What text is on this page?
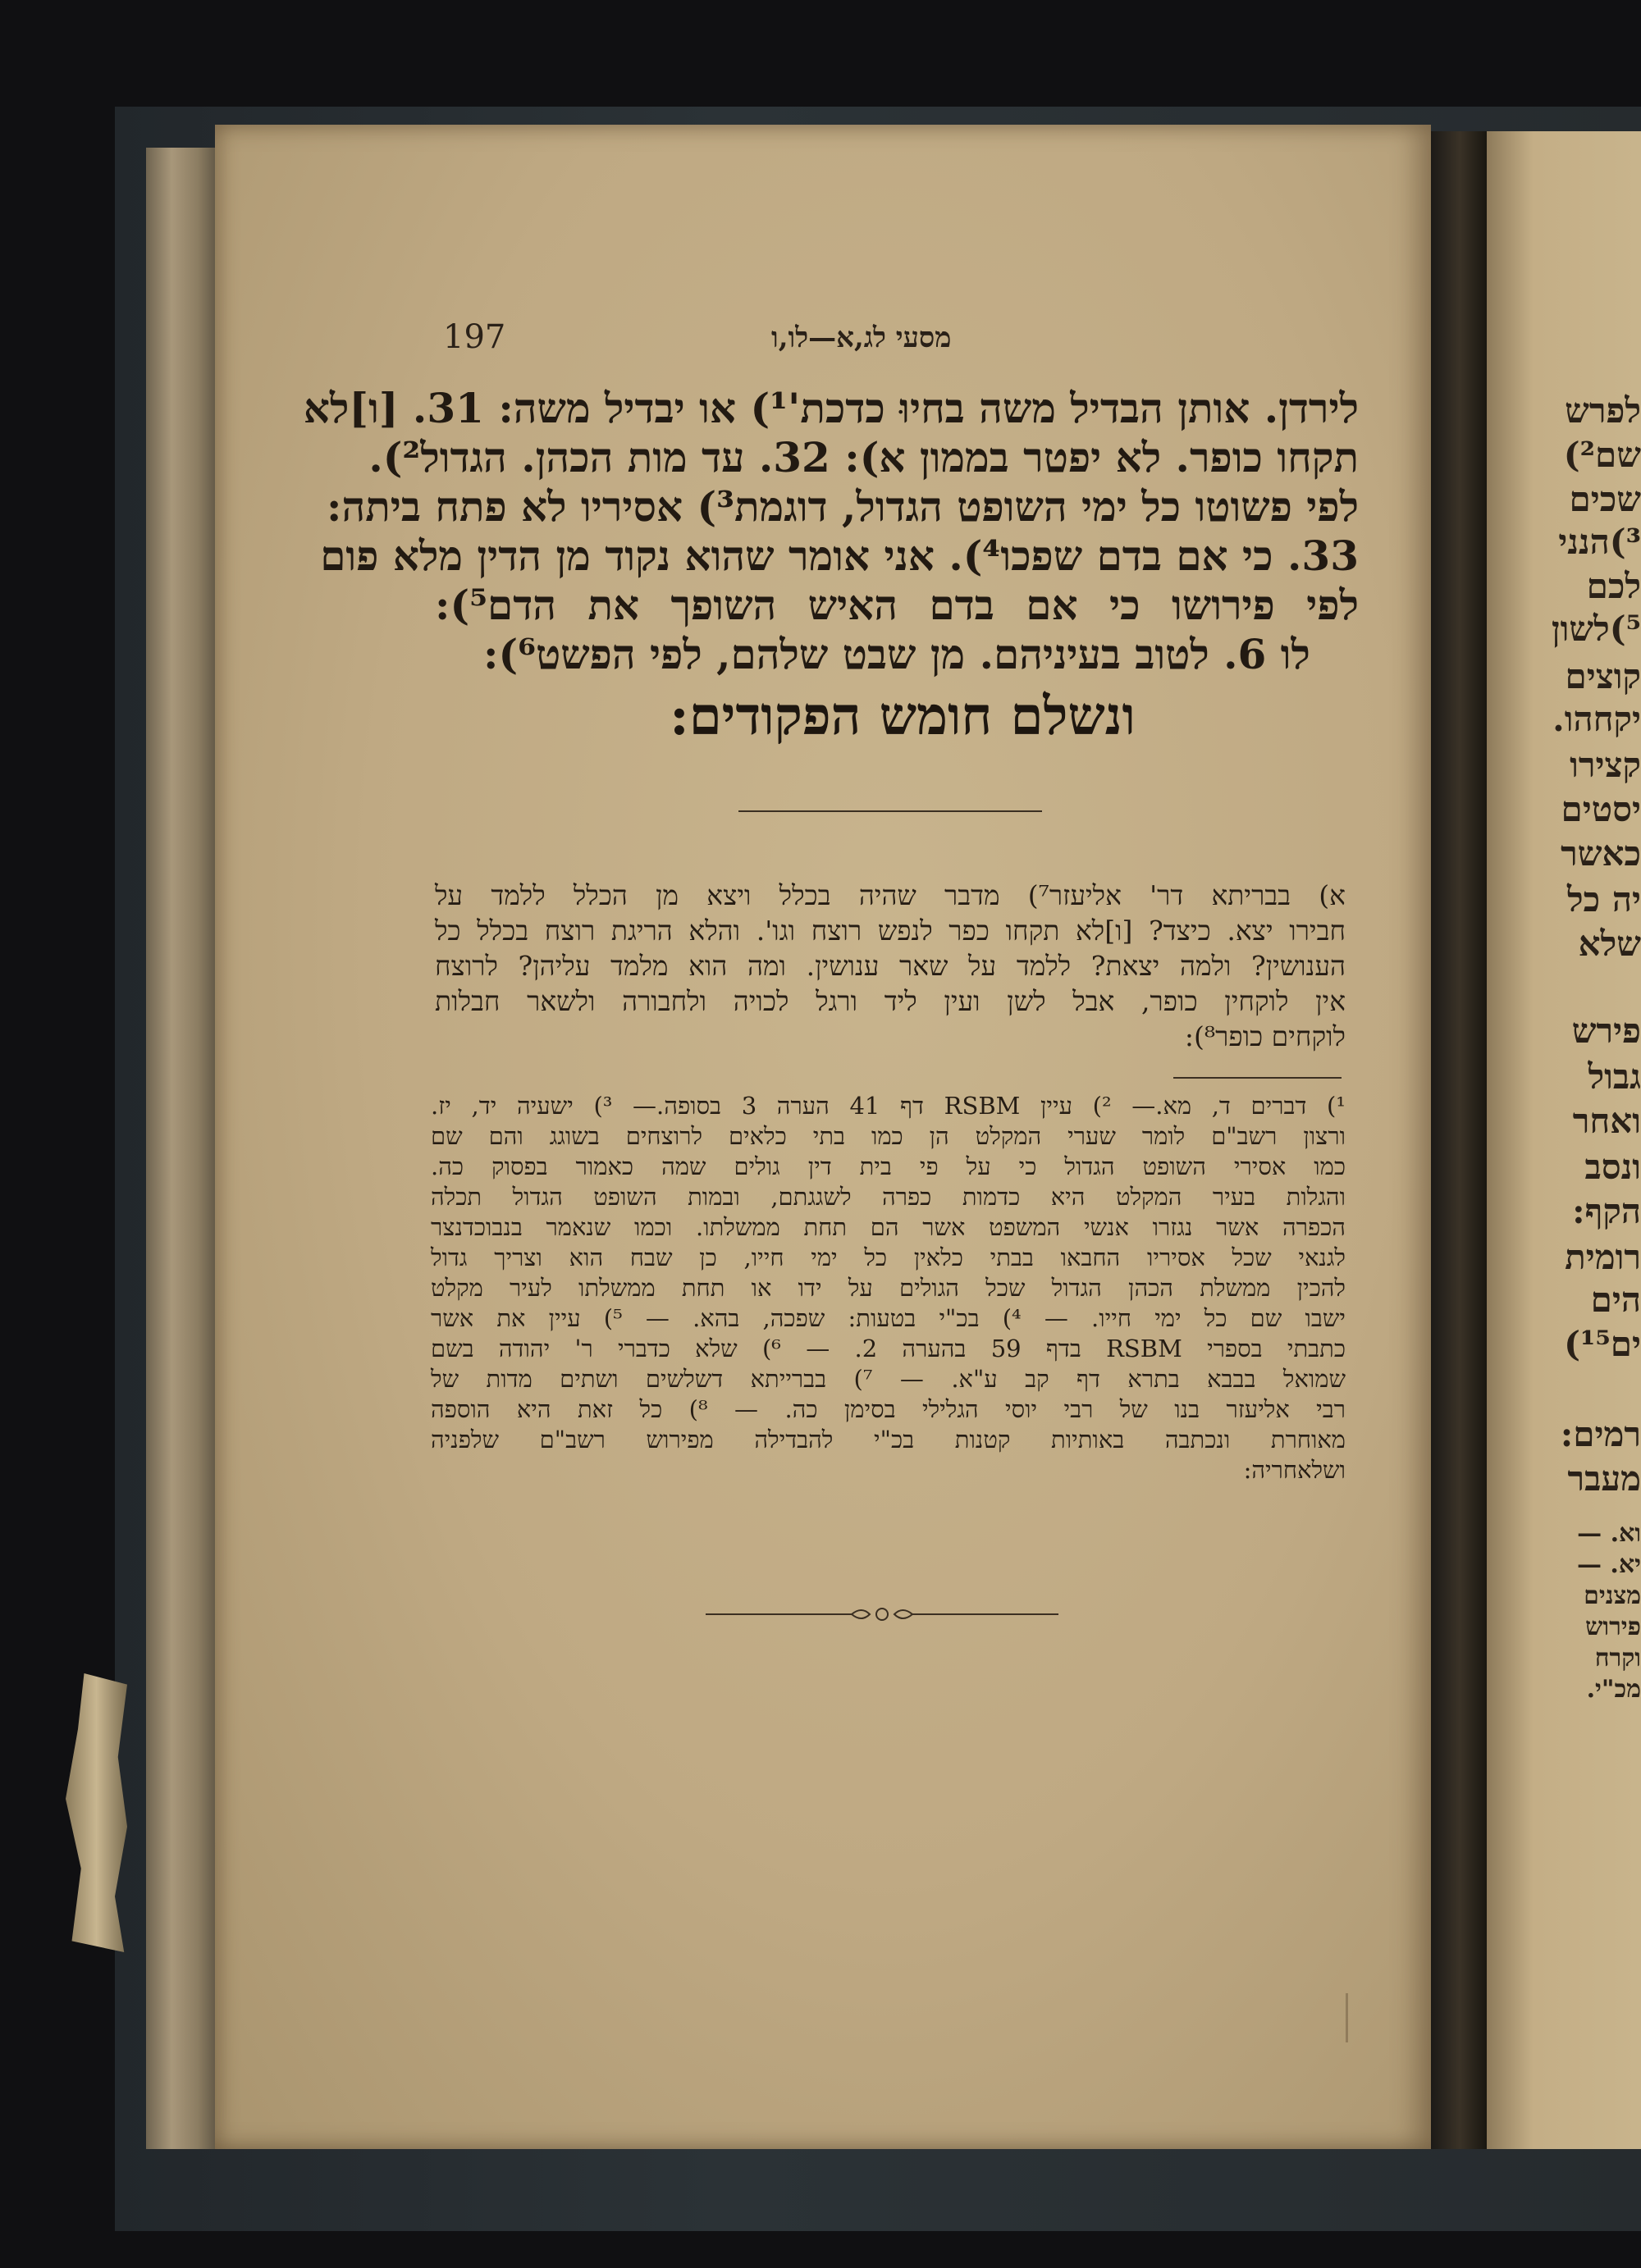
לפרש
שם²)
שכים
³)הנני
לכם
⁵)לשון
קוצים
יקחהו.
קצירו
יסטים
כאשר
יה כל
שלא
פירש
גבול
ואחר
ונסב
הקף:
רומית
הים
ים¹⁵)
רמים:
מעבר
וא. —
יא. —
מצנים
פירוש
וקרח
מכ"י.
197	מסעי לג,א—לו,ו
לירדן. אותן הבדיל משה בחיוּ כדכת'¹) או יבדיל משה: 31. [ו]לא
תקחו כופר. לא יפטר בממון א): 32. עד מות הכהן. הגדול²).
לפי פשוטו כל ימי השופט הגדול, דוגמת³) אסיריו לא פתח ביתה:
33. כי אם בדם שפכו⁴). אני אומר שהוא נקוד מן הדין מלא פום
לפי פירושו כי אם בדם האיש השופך את הדם⁵):
לו 6. לטוב בעיניהם. מן שבט שלהם, לפי הפשט⁶):
ונשלם חומש הפקודים:
א) בבריתא דר' אליעזר⁷) מדבר שהיה בכלל ויצא מן הכלל ללמד על
חבירו יצא. כיצד? [ו]לא תקחו כפר לנפש רוצח וגו'. והלא הריגת רוצח בכלל כל
הענושין? ולמה יצאת? ללמד על שאר ענושין. ומה הוא מלמד עליהן? לרוצח
אין לוקחין כופר, אבל לשן ועין ליד ורגל לכויה ולחבורה ולשאר חבלות
לוקחים כופר⁸):
¹) דברים ד, מא.— ²) עיין RSBM דף 41 הערה 3 בסופה.— ³) ישעיה יד, יז.
ורצון רשב"ם לומר שערי המקלט הן כמו בתי כלאים לרוצחים בשוגג והם שם
כמו אסירי השופט הגדול כי על פי בית דין גולים שמה כאמור בפסוק כה.
והגלות בעיר המקלט היא כדמות כפרה לשגגתם, ובמות השופט הגדול תכלה
הכפרה אשר נגזרו אנשי המשפט אשר הם תחת ממשלתו. וכמו שנאמר בנבוכדנצר
לגנאי שכל אסיריו החבאו בבתי כלאין כל ימי חייו, כן שבח הוא וצריך גדול
להכין ממשלת הכהן הגדול שכל הגולים על ידו או תחת ממשלתו לעיר מקלט
ישבו שם כל ימי חייו. — ⁴) בכ"י בטעות: שפכה, בהא. — ⁵) עיין את אשר
כתבתי בספרי RSBM בדף 59 בהערה 2. — ⁶) שלא כדברי ר' יהודה בשם
שמואל בבבא בתרא דף קב ע"א. — ⁷) בברייתא דשלשים ושתים מדות של
רבי אליעזר בנו של רבי יוסי הגלילי בסימן כה. — ⁸) כל זאת היא הוספה
מאוחרת ונכתבה באותיות קטנות בכ"י להבדילה מפירוש רשב"ם שלפניה
ושלאחריה:
